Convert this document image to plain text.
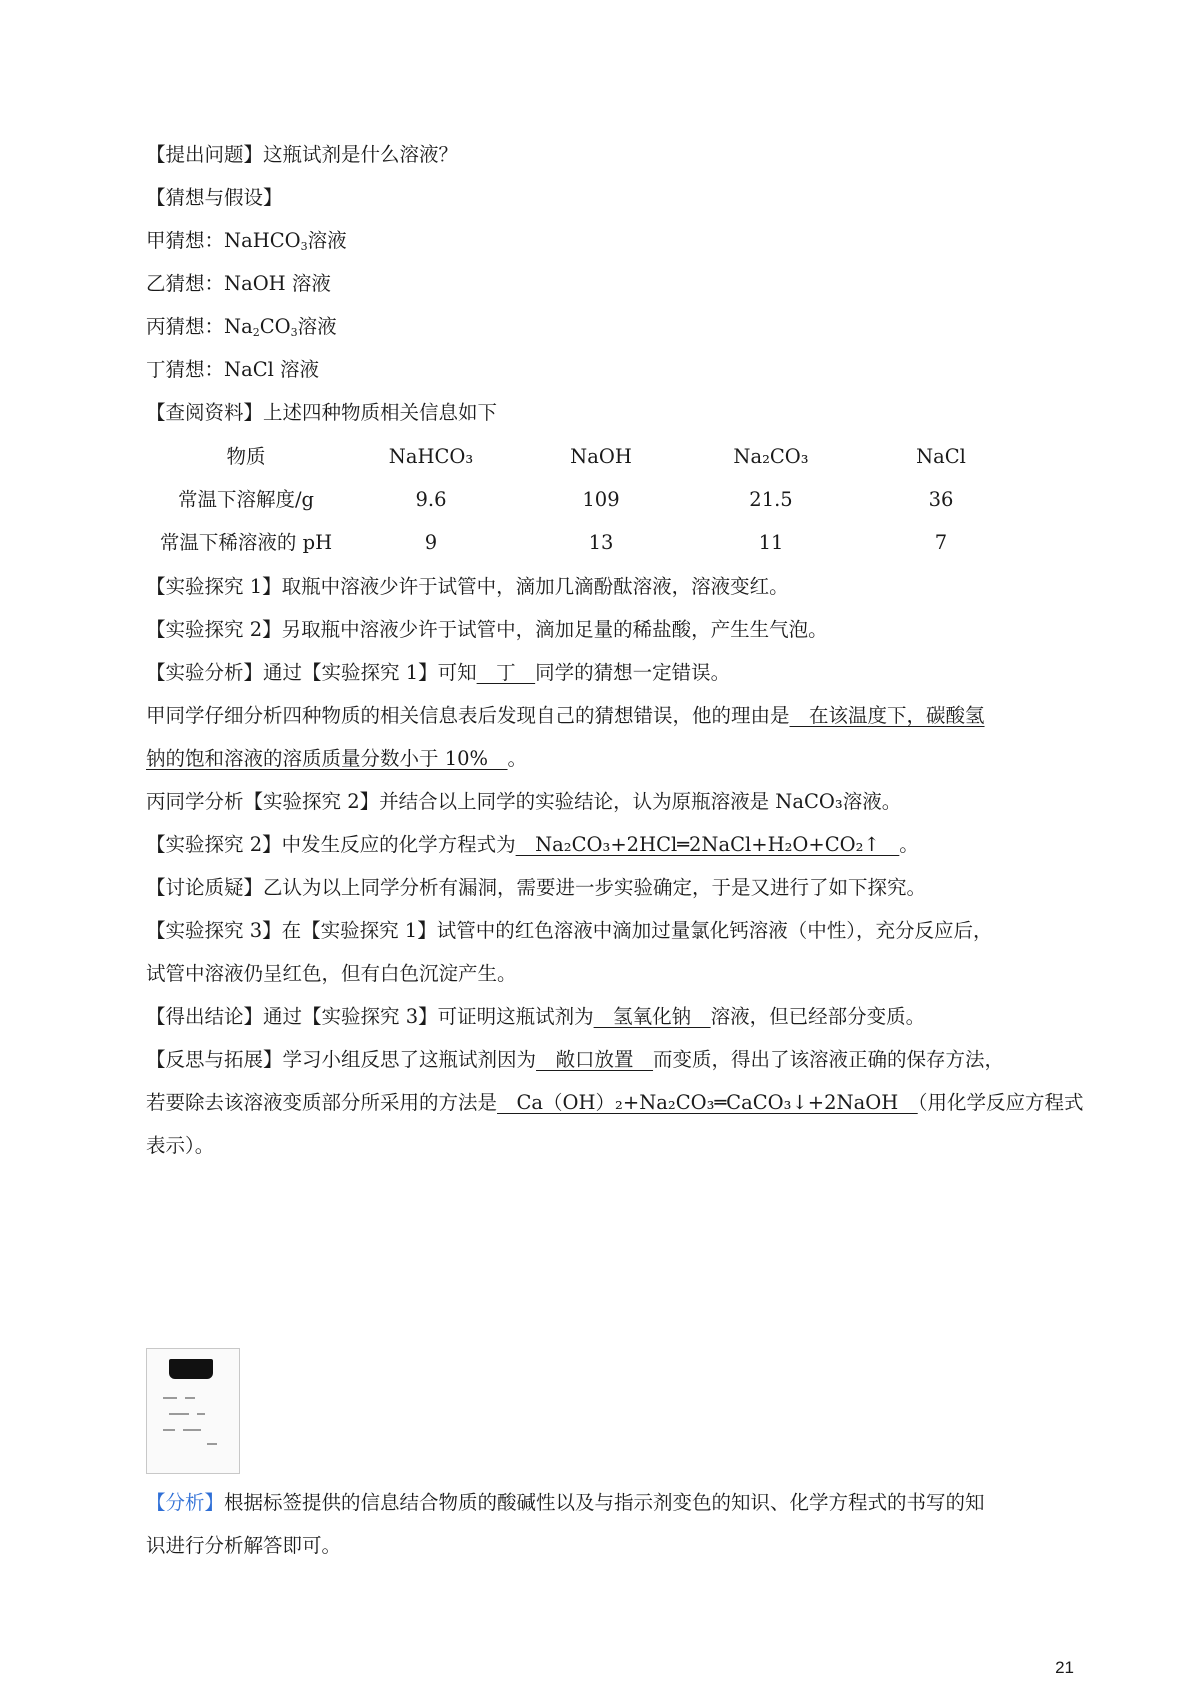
【提出问题】这瓶试剂是什么溶液？
【猜想与假设】
甲猜想：NaHCO$_3$溶液
乙猜想：NaOH 溶液
丙猜想：$Na_2CO_3$溶液
丁猜想：NaCl 溶液
【查阅资料】上述四种物质相关信息如下
物质	NaHCO₃	NaOH	Na₂CO₃	NaCl
常温下溶解度/g	9.6	109	21.5	36
常温下稀溶液的 pH	9	13	11	7
【实验探究 1】取瓶中溶液少许于试管中，滴加几滴酚酞溶液，溶液变红。
【实验探究 2】另取瓶中溶液少许于试管中，滴加足量的稀盐酸，产生生气泡。
【实验分析】通过【实验探究 1】可知　丁　同学的猜想一定错误。
甲同学仔细分析四种物质的相关信息表后发现自己的猜想错误，他的理由是　在该温度下，碳酸氢
钠的饱和溶液的溶质质量分数小于 10%　。
丙同学分析【实验探究 2】并结合以上同学的实验结论，认为原瓶溶液是 NaCO₃溶液。
【实验探究 2】中发生反应的化学方程式为　Na₂CO₃+2HCl═2NaCl+H₂O+CO₂↑　。
【讨论质疑】乙认为以上同学分析有漏洞，需要进一步实验确定，于是又进行了如下探究。
【实验探究 3】在【实验探究 1】试管中的红色溶液中滴加过量氯化钙溶液（中性），充分反应后，
试管中溶液仍呈红色，但有白色沉淀产生。
【得出结论】通过【实验探究 3】可证明这瓶试剂为　氢氧化钠　溶液，但已经部分变质。
【反思与拓展】学习小组反思了这瓶试剂因为　敞口放置　而变质，得出了该溶液正确的保存方法，
若要除去该溶液变质部分所采用的方法是　Ca（OH）₂+Na₂CO₃═CaCO₃↓+2NaOH　（用化学反应方程式
表示）。
【分析】根据标签提供的信息结合物质的酸碱性以及与指示剂变色的知识、化学方程式的书写的知
识进行分析解答即可。
21
